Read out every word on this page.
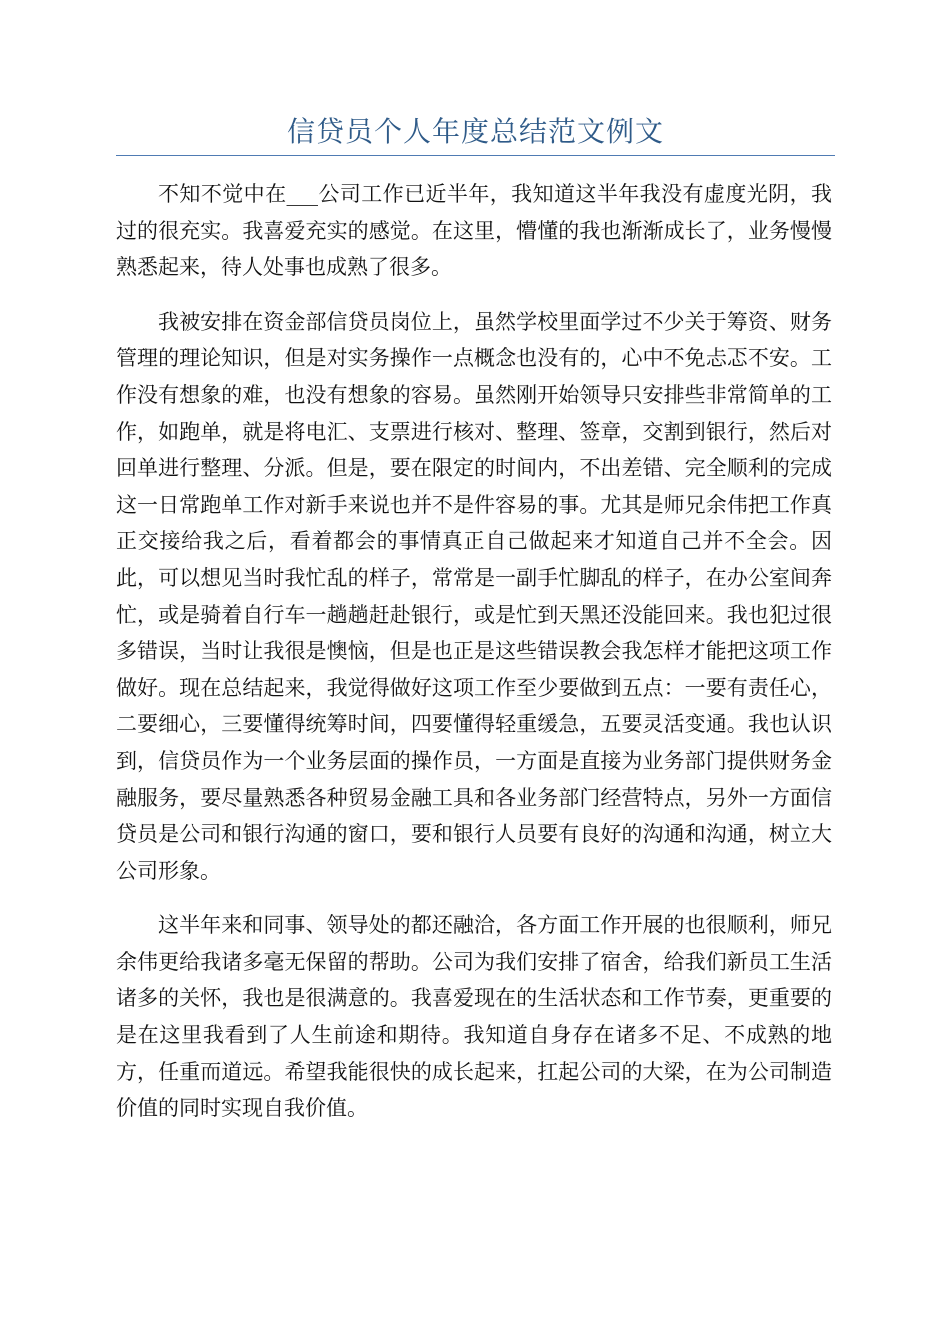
信贷员个人年度总结范文例文

不知不觉中在___公司工作已近半年，我知道这半年我没有虚度光阴，我过的很充实。我喜爱充实的感觉。在这里，懵懂的我也渐渐成长了，业务慢慢熟悉起来，待人处事也成熟了很多。

我被安排在资金部信贷员岗位上，虽然学校里面学过不少关于筹资、财务管理的理论知识，但是对实务操作一点概念也没有的，心中不免忐忑不安。工作没有想象的难，也没有想象的容易。虽然刚开始领导只安排些非常简单的工作，如跑单，就是将电汇、支票进行核对、整理、签章，交割到银行，然后对回单进行整理、分派。但是，要在限定的时间内，不出差错、完全顺利的完成这一日常跑单工作对新手来说也并不是件容易的事。尤其是师兄余伟把工作真正交接给我之后，看着都会的事情真正自己做起来才知道自己并不全会。因此，可以想见当时我忙乱的样子，常常是一副手忙脚乱的样子，在办公室间奔忙，或是骑着自行车一趟趟赶赴银行，或是忙到天黑还没能回来。我也犯过很多错误，当时让我很是懊恼，但是也正是这些错误教会我怎样才能把这项工作做好。现在总结起来，我觉得做好这项工作至少要做到五点：一要有责任心，二要细心，三要懂得统筹时间，四要懂得轻重缓急，五要灵活变通。我也认识到，信贷员作为一个业务层面的操作员，一方面是直接为业务部门提供财务金融服务，要尽量熟悉各种贸易金融工具和各业务部门经营特点，另外一方面信贷员是公司和银行沟通的窗口，要和银行人员要有良好的沟通和沟通，树立大公司形象。

这半年来和同事、领导处的都还融洽，各方面工作开展的也很顺利，师兄余伟更给我诸多毫无保留的帮助。公司为我们安排了宿舍，给我们新员工生活诸多的关怀，我也是很满意的。我喜爱现在的生活状态和工作节奏，更重要的是在这里我看到了人生前途和期待。我知道自身存在诸多不足、不成熟的地方，任重而道远。希望我能很快的成长起来，扛起公司的大梁，在为公司制造价值的同时实现自我价值。
